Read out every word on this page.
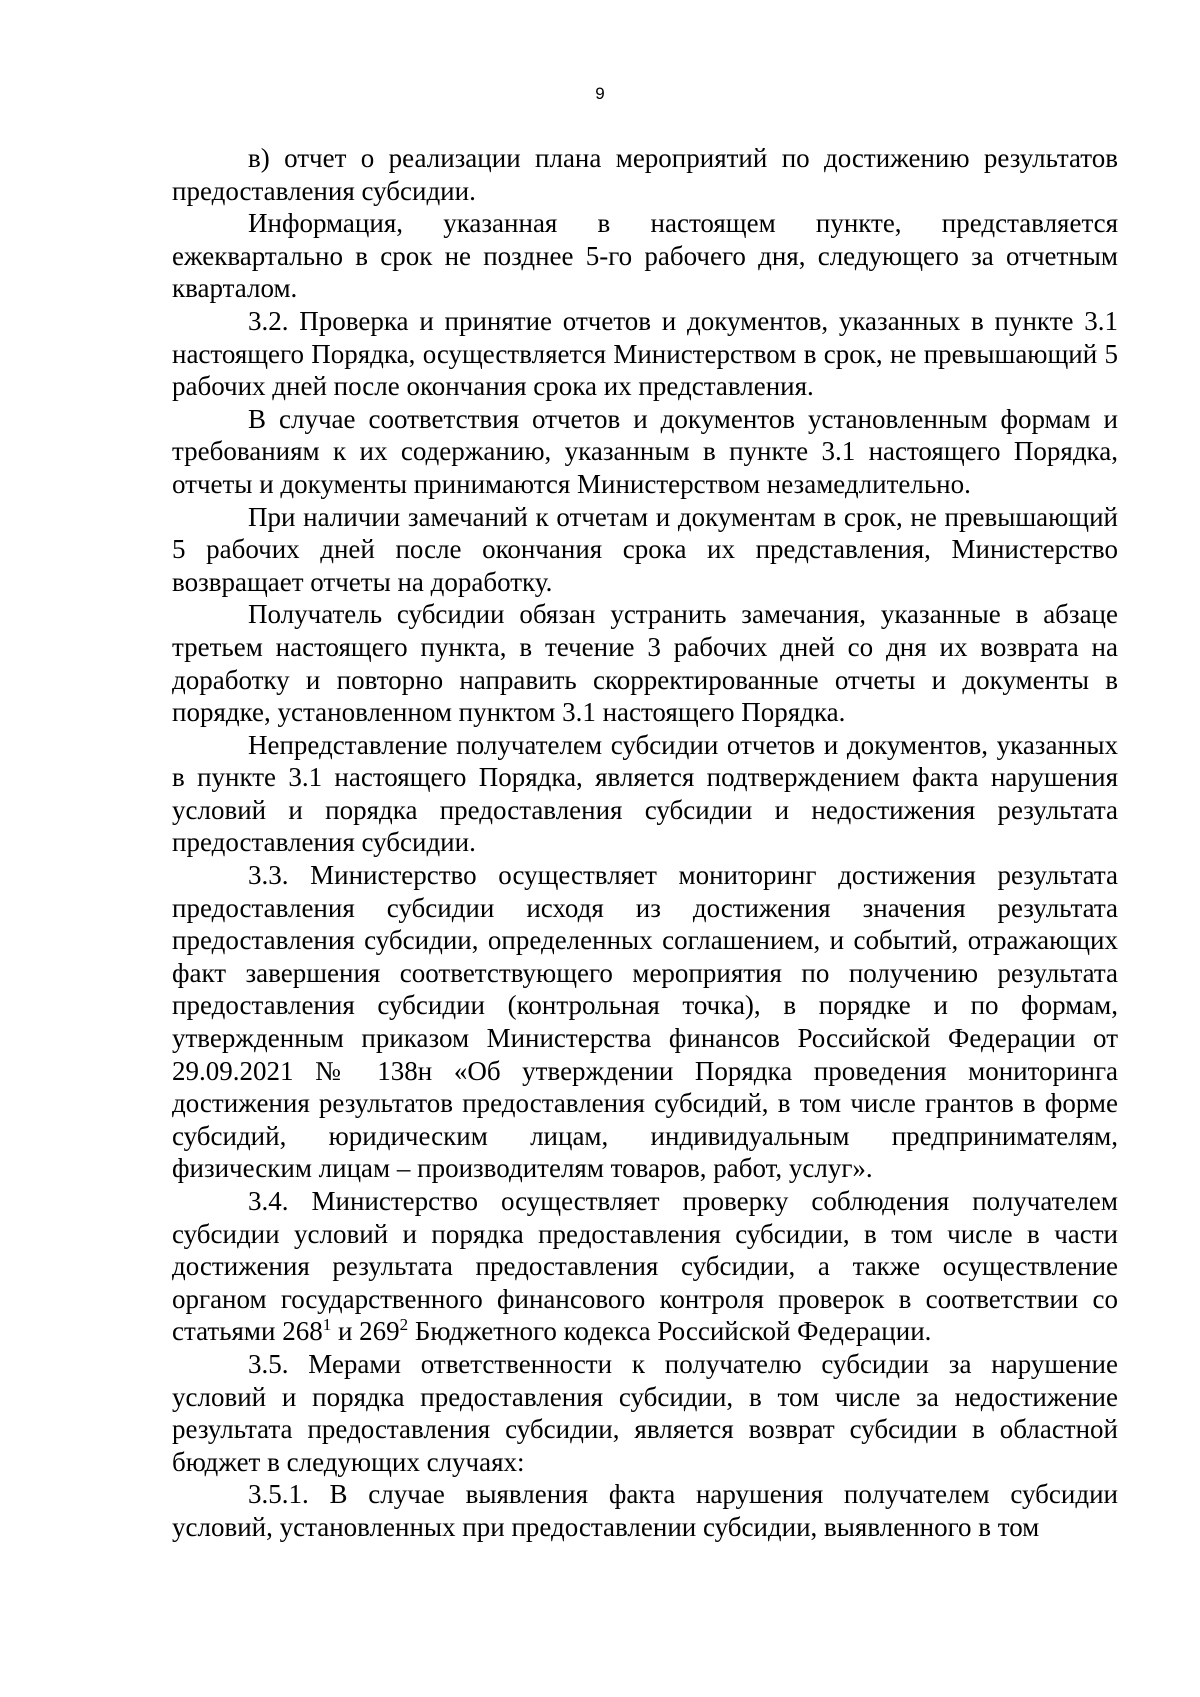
9

в) отчет о реализации плана мероприятий по достижению результатов предоставления субсидии.

Информация, указанная в настоящем пункте, представляется ежеквартально в срок не позднее 5-го рабочего дня, следующего за отчетным кварталом.

3.2. Проверка и принятие отчетов и документов, указанных в пункте 3.1 настоящего Порядка, осуществляется Министерством в срок, не превышающий 5 рабочих дней после окончания срока их представления.

В случае соответствия отчетов и документов установленным формам и требованиям к их содержанию, указанным в пункте 3.1 настоящего Порядка, отчеты и документы принимаются Министерством незамедлительно.

При наличии замечаний к отчетам и документам в срок, не превышающий 5 рабочих дней после окончания срока их представления, Министерство возвращает отчеты на доработку.

Получатель субсидии обязан устранить замечания, указанные в абзаце третьем настоящего пункта, в течение 3 рабочих дней со дня их возврата на доработку и повторно направить скорректированные отчеты и документы в порядке, установленном пунктом 3.1 настоящего Порядка.

Непредставление получателем субсидии отчетов и документов, указанных в пункте 3.1 настоящего Порядка, является подтверждением факта нарушения условий и порядка предоставления субсидии и недостижения результата предоставления субсидии.

3.3. Министерство осуществляет мониторинг достижения результата предоставления субсидии исходя из достижения значения результата предоставления субсидии, определенных соглашением, и событий, отражающих факт завершения соответствующего мероприятия по получению результата предоставления субсидии (контрольная точка), в порядке и по формам, утвержденным приказом Министерства финансов Российской Федерации от 29.09.2021 № 138н «Об утверждении Порядка проведения мониторинга достижения результатов предоставления субсидий, в том числе грантов в форме субсидий, юридическим лицам, индивидуальным предпринимателям, физическим лицам – производителям товаров, работ, услуг».

3.4. Министерство осуществляет проверку соблюдения получателем субсидии условий и порядка предоставления субсидии, в том числе в части достижения результата предоставления субсидии, а также осуществление органом государственного финансового контроля проверок в соответствии со статьями $268^1$ и $269^2$ Бюджетного кодекса Российской Федерации.

3.5. Мерами ответственности к получателю субсидии за нарушение условий и порядка предоставления субсидии, в том числе за недостижение результата предоставления субсидии, является возврат субсидии в областной бюджет в следующих случаях:

3.5.1. В случае выявления факта нарушения получателем субсидии условий, установленных при предоставлении субсидии, выявленного в том
